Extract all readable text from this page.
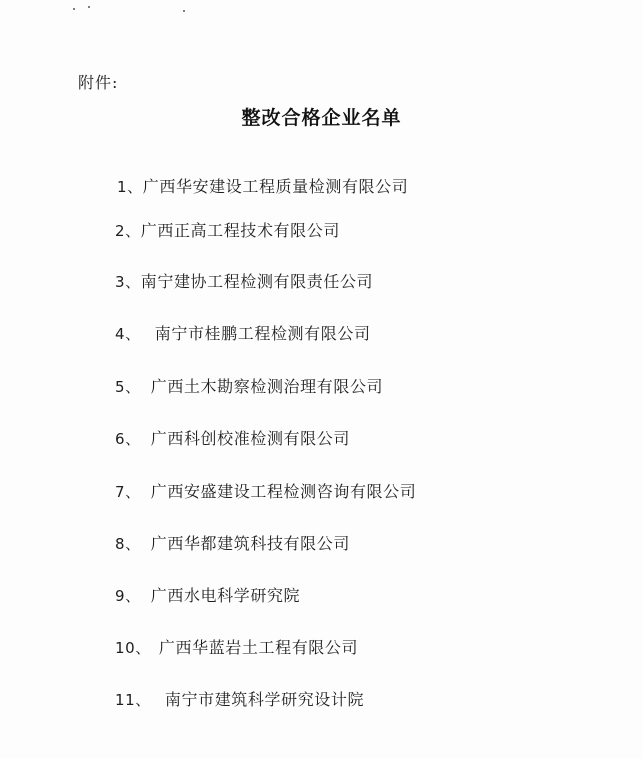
附件:
整改合格企业名单
1、广西华安建设工程质量检测有限公司
2、广西正高工程技术有限公司
3、南宁建协工程检测有限责任公司
4、 南宁市桂鹏工程检测有限公司
5、 广西土木勘察检测治理有限公司
6、 广西科创校准检测有限公司
7、 广西安盛建设工程检测咨询有限公司
8、 广西华都建筑科技有限公司
9、 广西水电科学研究院
10、 广西华蓝岩土工程有限公司
11、 南宁市建筑科学研究设计院
